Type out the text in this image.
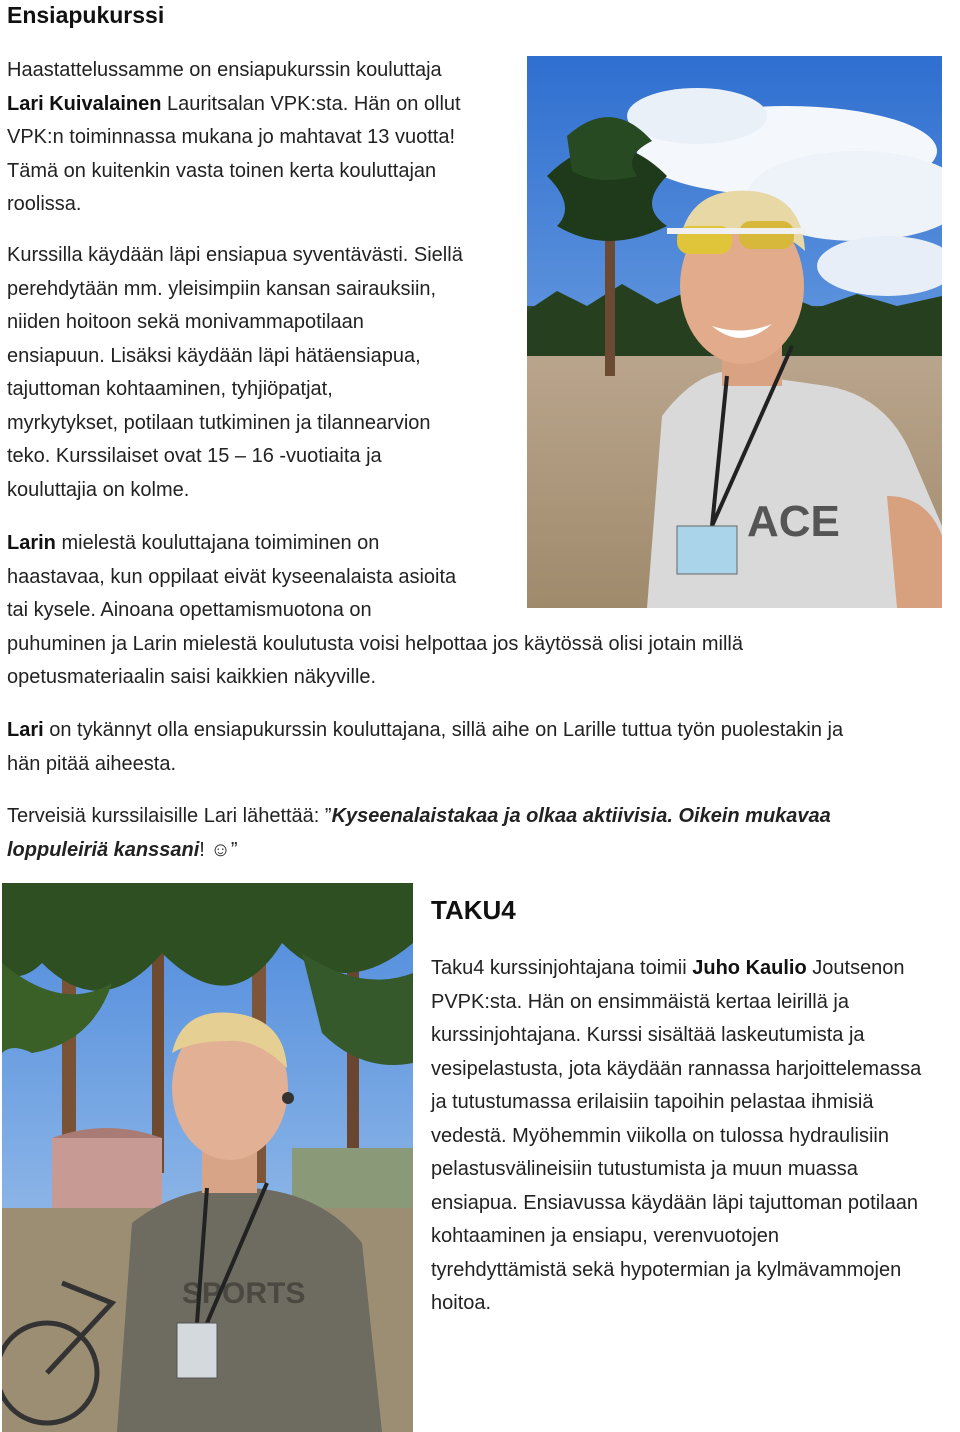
Ensiapukurssi
Haastattelussamme on ensiapukurssin kouluttaja
Lari Kuivalainen Lauritsalan VPK:sta. Hän on ollut
VPK:n toiminnassa mukana jo mahtavat 13 vuotta!
Tämä on kuitenkin vasta toinen kerta kouluttajan
roolissa.
Kurssilla käydään läpi ensiapua syventävästi. Siellä
perehdytään mm. yleisimpiin kansan sairauksiin,
niiden hoitoon sekä monivammapotilaan
ensiapuun. Lisäksi käydään läpi hätäensiapua,
tajuttoman kohtaaminen, tyhjiöpatjat,
myrkytykset, potilaan tutkiminen ja tilannearvion
teko. Kurssilaiset ovat 15 – 16 -vuotiaita ja
kouluttajia on kolme.
Larin mielestä kouluttajana toimiminen on
haastavaa, kun oppilaat eivät kyseenalaista asioita
tai kysele. Ainoana opettamismuotona on
puhuminen ja Larin mielestä koulutusta voisi helpottaa jos käytössä olisi jotain millä
opetusmateriaalin saisi kaikkien näkyville.
Lari on tykännyt olla ensiapukurssin kouluttajana, sillä aihe on Larille tuttua työn puolestakin ja
hän pitää aiheesta.
Terveisiä kurssilaisille Lari lähettää: ”Kyseenalaistakaa ja olkaa aktiivisia. Oikein mukavaa
loppuleiriä kanssani! ☺”
ACE
SPORTS
TAKU4
Taku4 kurssinjohtajana toimii Juho Kaulio Joutsenon
PVPK:sta. Hän on ensimmäistä kertaa leirillä ja
kurssinjohtajana. Kurssi sisältää laskeutumista ja
vesipelastusta, jota käydään rannassa harjoittelemassa
ja tutustumassa erilaisiin tapoihin pelastaa ihmisiä
vedestä. Myöhemmin viikolla on tulossa hydraulisiin
pelastusvälineisiin tutustumista ja muun muassa
ensiapua. Ensiavussa käydään läpi tajuttoman potilaan
kohtaaminen ja ensiapu, verenvuotojen
tyrehdyttämistä sekä hypotermian ja kylmävammojen
hoitoa.
